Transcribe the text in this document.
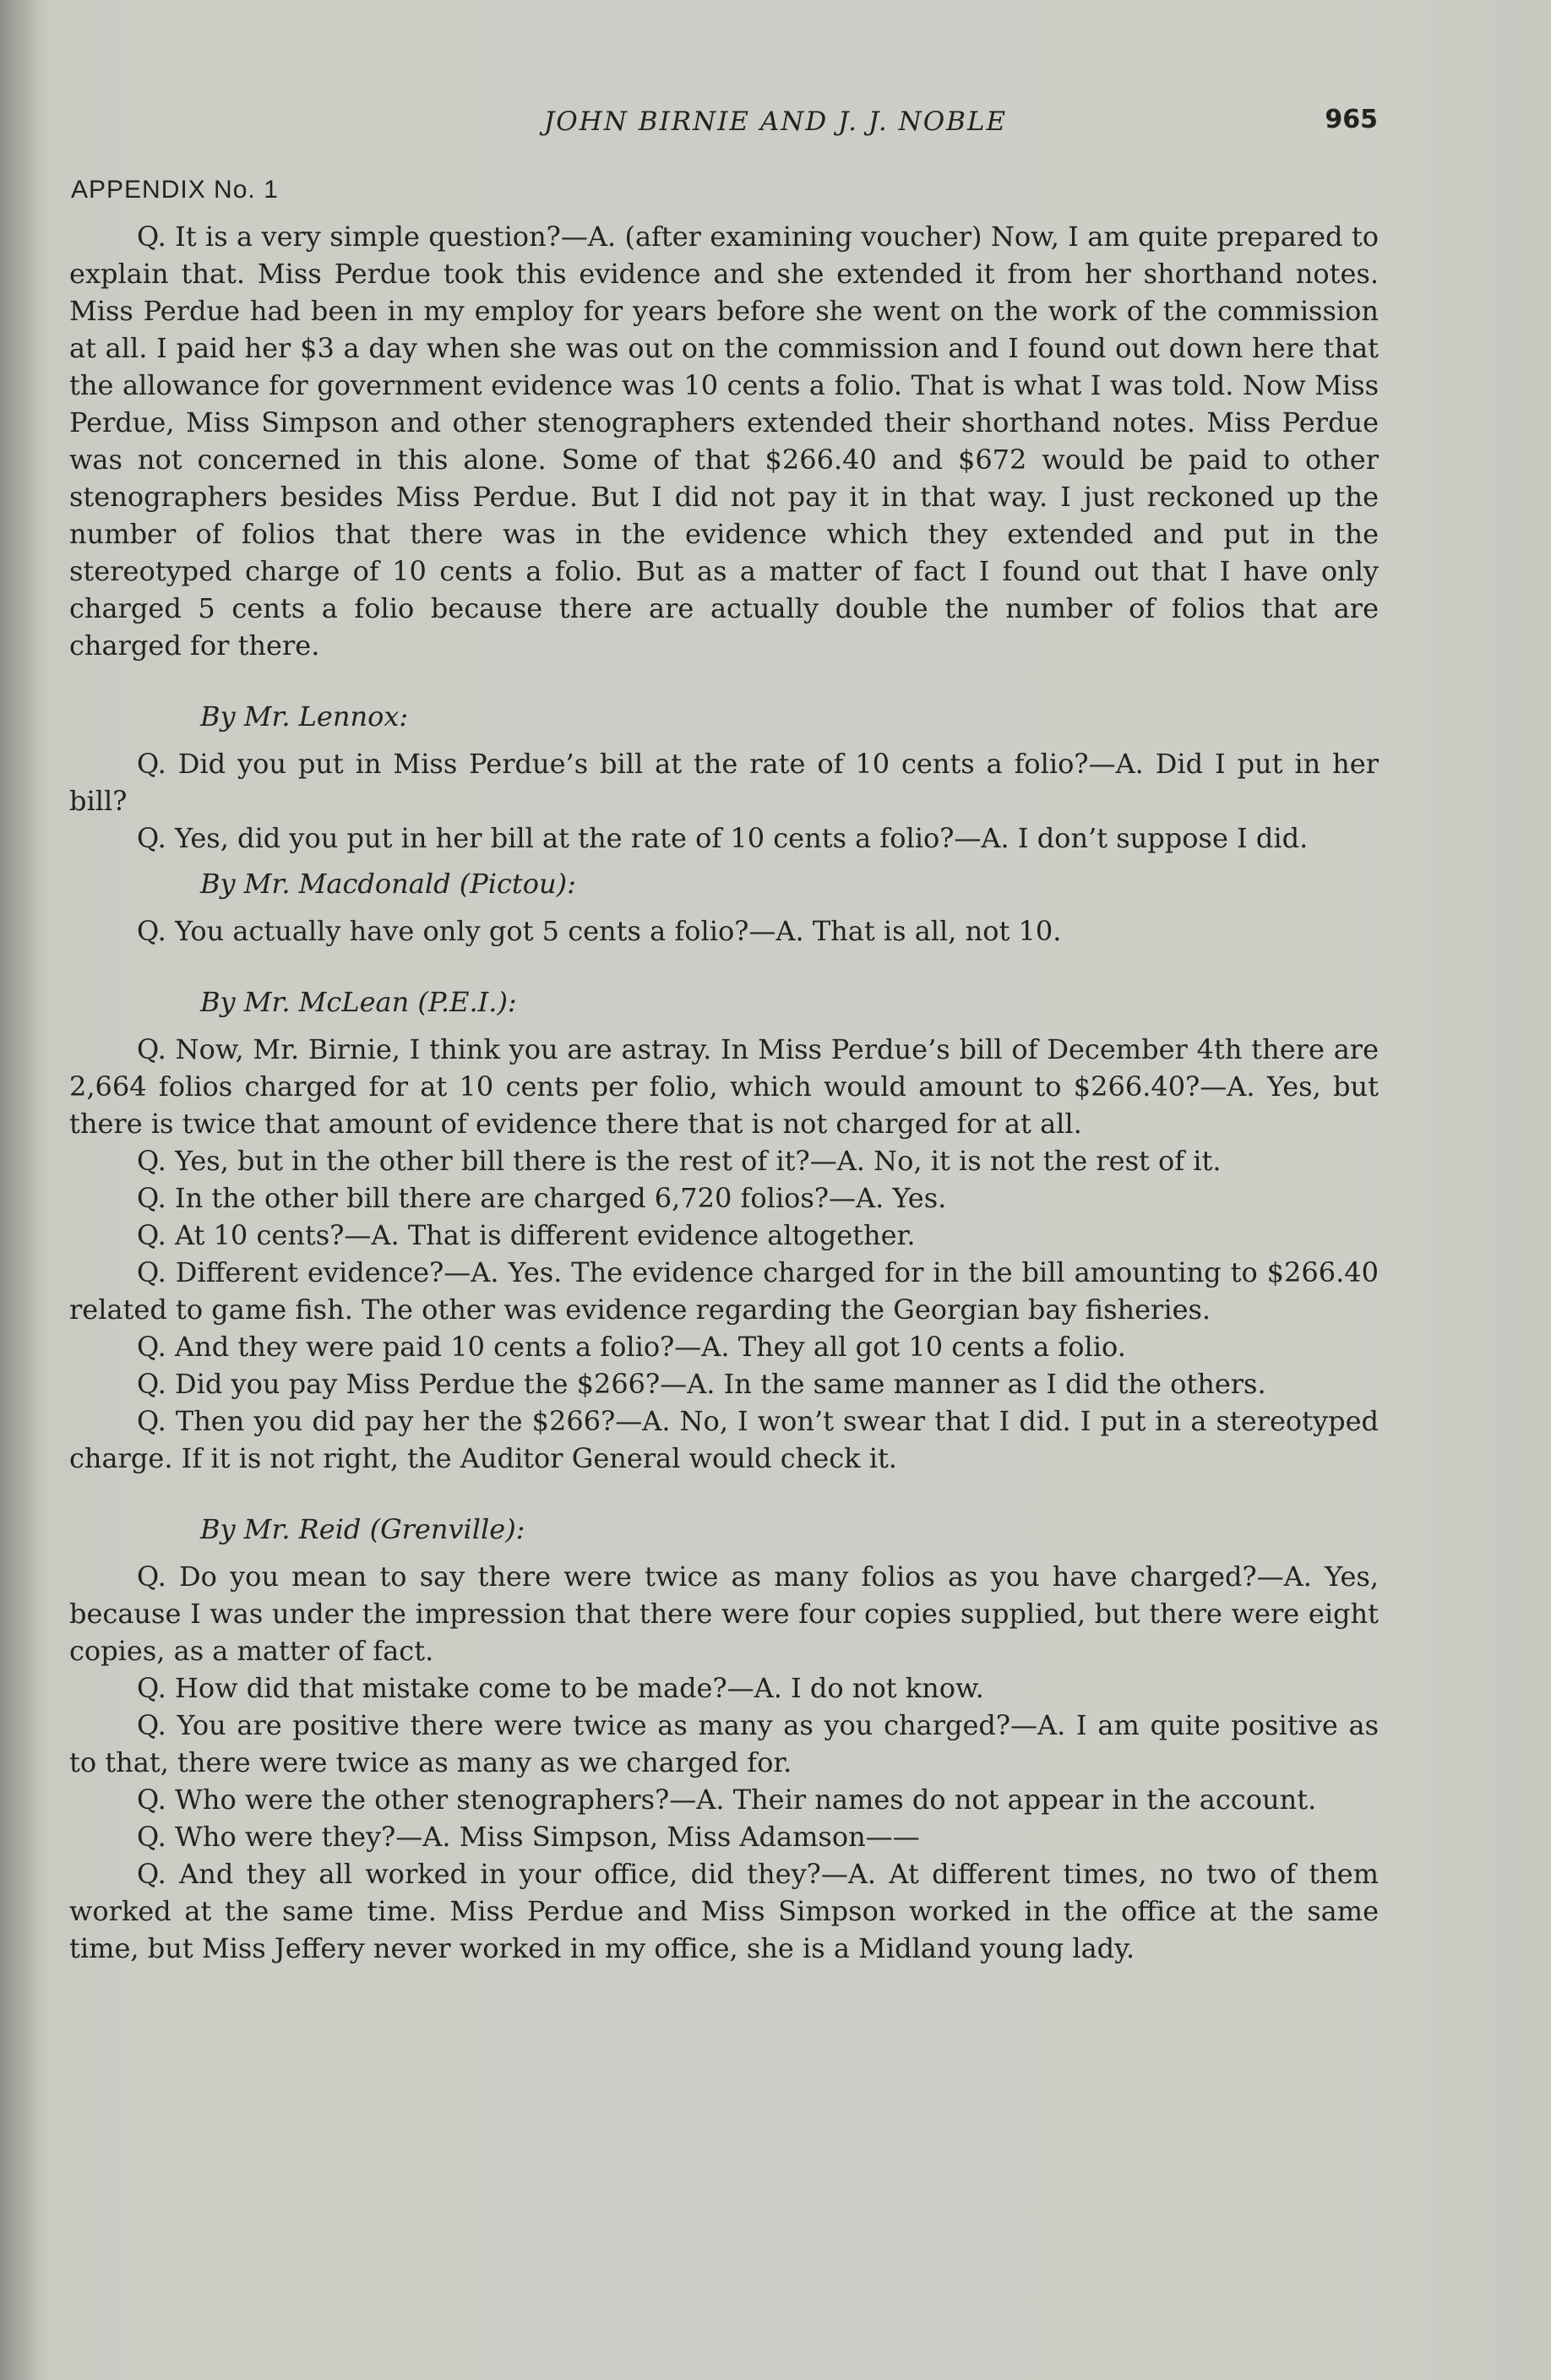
JOHN BIRNIE AND J. J. NOBLE	965
APPENDIX No. 1

Q. It is a very simple question?—A. (after examining voucher) Now, I am quite prepared to explain that. Miss Perdue took this evidence and she extended it from her shorthand notes. Miss Perdue had been in my employ for years before she went on the work of the commission at all. I paid her $3 a day when she was out on the commission and I found out down here that the allowance for government evidence was 10 cents a folio. That is what I was told. Now Miss Perdue, Miss Simpson and other stenographers extended their shorthand notes. Miss Perdue was not concerned in this alone. Some of that $266.40 and $672 would be paid to other stenographers besides Miss Perdue. But I did not pay it in that way. I just reckoned up the number of folios that there was in the evidence which they extended and put in the stereotyped charge of 10 cents a folio. But as a matter of fact I found out that I have only charged 5 cents a folio because there are actually double the number of folios that are charged for there.

By Mr. Lennox:

Q. Did you put in Miss Perdue’s bill at the rate of 10 cents a folio?—A. Did I put in her bill?

Q. Yes, did you put in her bill at the rate of 10 cents a folio?—A. I don’t suppose I did.

By Mr. Macdonald (Pictou):

Q. You actually have only got 5 cents a folio?—A. That is all, not 10.

By Mr. McLean (P.E.I.):

Q. Now, Mr. Birnie, I think you are astray. In Miss Perdue’s bill of December 4th there are 2,664 folios charged for at 10 cents per folio, which would amount to $266.40?—A. Yes, but there is twice that amount of evidence there that is not charged for at all.

Q. Yes, but in the other bill there is the rest of it?—A. No, it is not the rest of it.

Q. In the other bill there are charged 6,720 folios?—A. Yes.

Q. At 10 cents?—A. That is different evidence altogether.

Q. Different evidence?—A. Yes. The evidence charged for in the bill amounting to $266.40 related to game fish. The other was evidence regarding the Georgian bay fisheries.

Q. And they were paid 10 cents a folio?—A. They all got 10 cents a folio.

Q. Did you pay Miss Perdue the $266?—A. In the same manner as I did the others.

Q. Then you did pay her the $266?—A. No, I won’t swear that I did. I put in a stereotyped charge. If it is not right, the Auditor General would check it.

By Mr. Reid (Grenville):

Q. Do you mean to say there were twice as many folios as you have charged?—A. Yes, because I was under the impression that there were four copies supplied, but there were eight copies, as a matter of fact.

Q. How did that mistake come to be made?—A. I do not know.

Q. You are positive there were twice as many as you charged?—A. I am quite positive as to that, there were twice as many as we charged for.

Q. Who were the other stenographers?—A. Their names do not appear in the account.

Q. Who were they?—A. Miss Simpson, Miss Adamson——

Q. And they all worked in your office, did they?—A. At different times, no two of them worked at the same time. Miss Perdue and Miss Simpson worked in the office at the same time, but Miss Jeffery never worked in my office, she is a Midland young lady.
